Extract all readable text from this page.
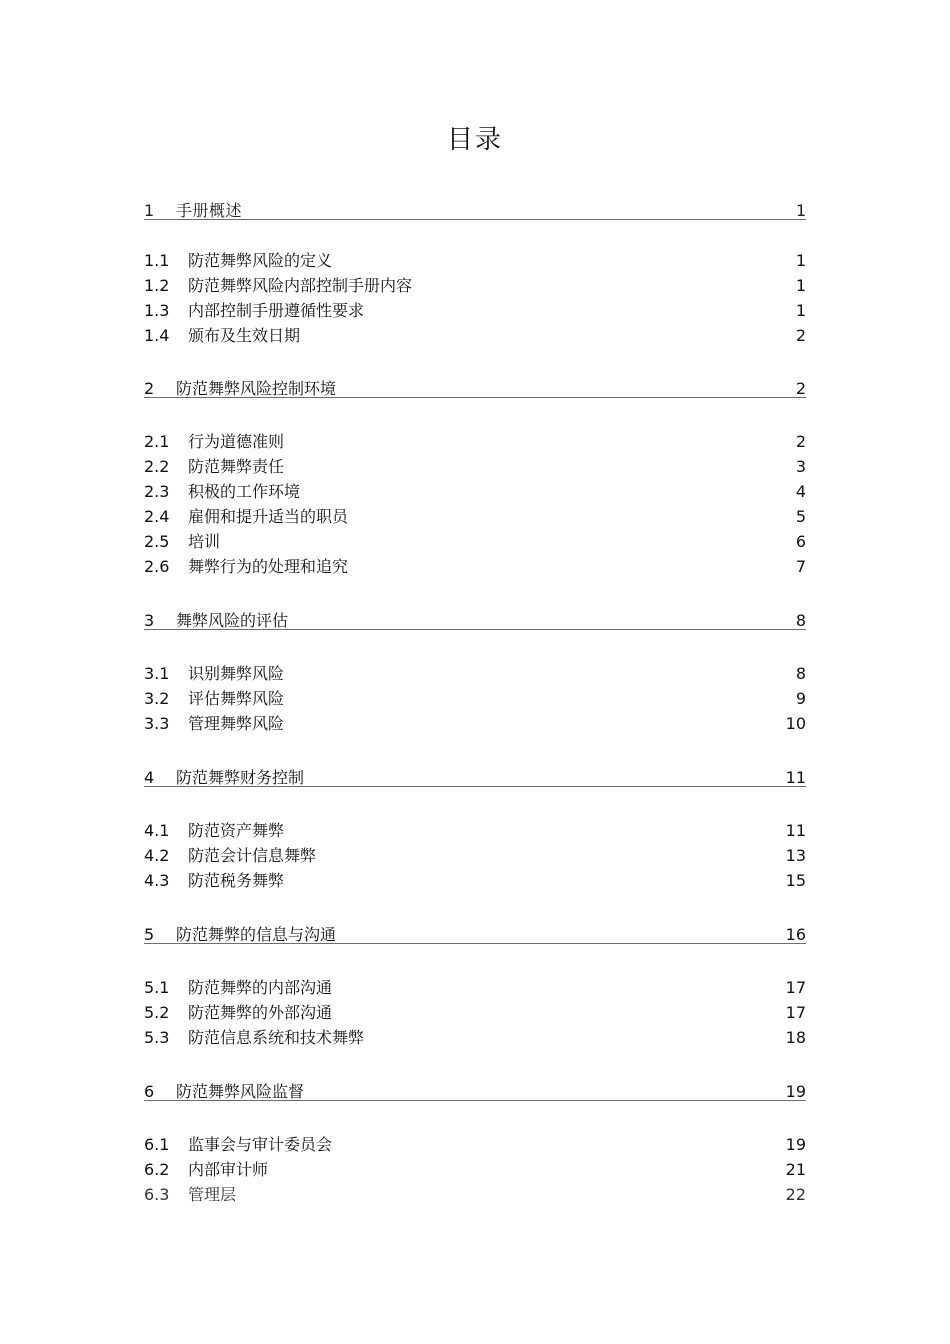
目录
1 手册概述	1
1.1 防范舞弊风险的定义	1
1.2 防范舞弊风险内部控制手册内容	1
1.3 内部控制手册遵循性要求	1
1.4 颁布及生效日期	2
2 防范舞弊风险控制环境	2
2.1 行为道德准则	2
2.2 防范舞弊责任	3
2.3 积极的工作环境	4
2.4 雇佣和提升适当的职员	5
2.5 培训	6
2.6 舞弊行为的处理和追究	7
3 舞弊风险的评估	8
3.1 识别舞弊风险	8
3.2 评估舞弊风险	9
3.3 管理舞弊风险	10
4 防范舞弊财务控制	11
4.1 防范资产舞弊	11
4.2 防范会计信息舞弊	13
4.3 防范税务舞弊	15
5 防范舞弊的信息与沟通	16
5.1 防范舞弊的内部沟通	17
5.2 防范舞弊的外部沟通	17
5.3 防范信息系统和技术舞弊	18
6 防范舞弊风险监督	19
6.1 监事会与审计委员会	19
6.2 内部审计师	21
6.3 管理层	22
